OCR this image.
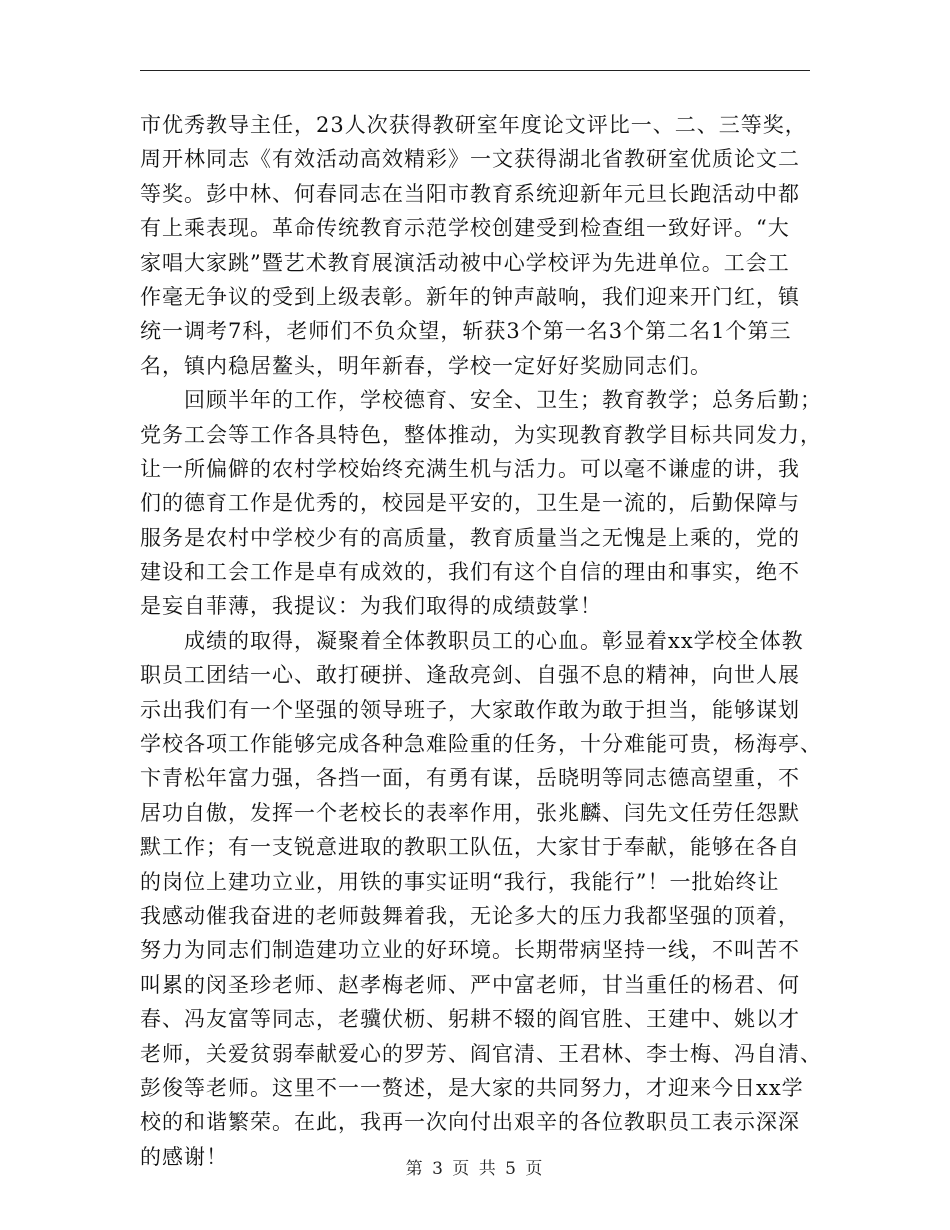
市优秀教导主任，23人次获得教研室年度论文评比一、二、三等奖，
周开林同志《有效活动高效精彩》一文获得湖北省教研室优质论文二
等奖。彭中林、何春同志在当阳市教育系统迎新年元旦长跑活动中都
有上乘表现。革命传统教育示范学校创建受到检查组一致好评。“大
家唱大家跳”暨艺术教育展演活动被中心学校评为先进单位。工会工
作毫无争议的受到上级表彰。新年的钟声敲响，我们迎来开门红，镇
统一调考7科，老师们不负众望，斩获3个第一名3个第二名1个第三
名，镇内稳居鳌头，明年新春，学校一定好好奖励同志们。
回顾半年的工作，学校德育、安全、卫生；教育教学；总务后勤；
党务工会等工作各具特色，整体推动，为实现教育教学目标共同发力，
让一所偏僻的农村学校始终充满生机与活力。可以毫不谦虚的讲，我
们的德育工作是优秀的，校园是平安的，卫生是一流的，后勤保障与
服务是农村中学校少有的高质量，教育质量当之无愧是上乘的，党的
建设和工会工作是卓有成效的，我们有这个自信的理由和事实，绝不
是妄自菲薄，我提议：为我们取得的成绩鼓掌！
成绩的取得，凝聚着全体教职员工的心血。彰显着xx学校全体教
职员工团结一心、敢打硬拼、逢敌亮剑、自强不息的精神，向世人展
示出我们有一个坚强的领导班子，大家敢作敢为敢于担当，能够谋划
学校各项工作能够完成各种急难险重的任务，十分难能可贵，杨海亭、
卞青松年富力强，各挡一面，有勇有谋，岳晓明等同志德高望重，不
居功自傲，发挥一个老校长的表率作用，张兆麟、闫先文任劳任怨默
默工作；有一支锐意进取的教职工队伍，大家甘于奉献，能够在各自
的岗位上建功立业，用铁的事实证明“我行，我能行”！一批始终让
我感动催我奋进的老师鼓舞着我，无论多大的压力我都坚强的顶着，
努力为同志们制造建功立业的好环境。长期带病坚持一线，不叫苦不
叫累的闵圣珍老师、赵孝梅老师、严中富老师，甘当重任的杨君、何
春、冯友富等同志，老骥伏枥、躬耕不辍的阎官胜、王建中、姚以才
老师，关爱贫弱奉献爱心的罗芳、阎官清、王君林、李士梅、冯自清、
彭俊等老师。这里不一一赘述，是大家的共同努力，才迎来今日xx学
校的和谐繁荣。在此，我再一次向付出艰辛的各位教职员工表示深深
的感谢！
第 3 页 共 5 页
